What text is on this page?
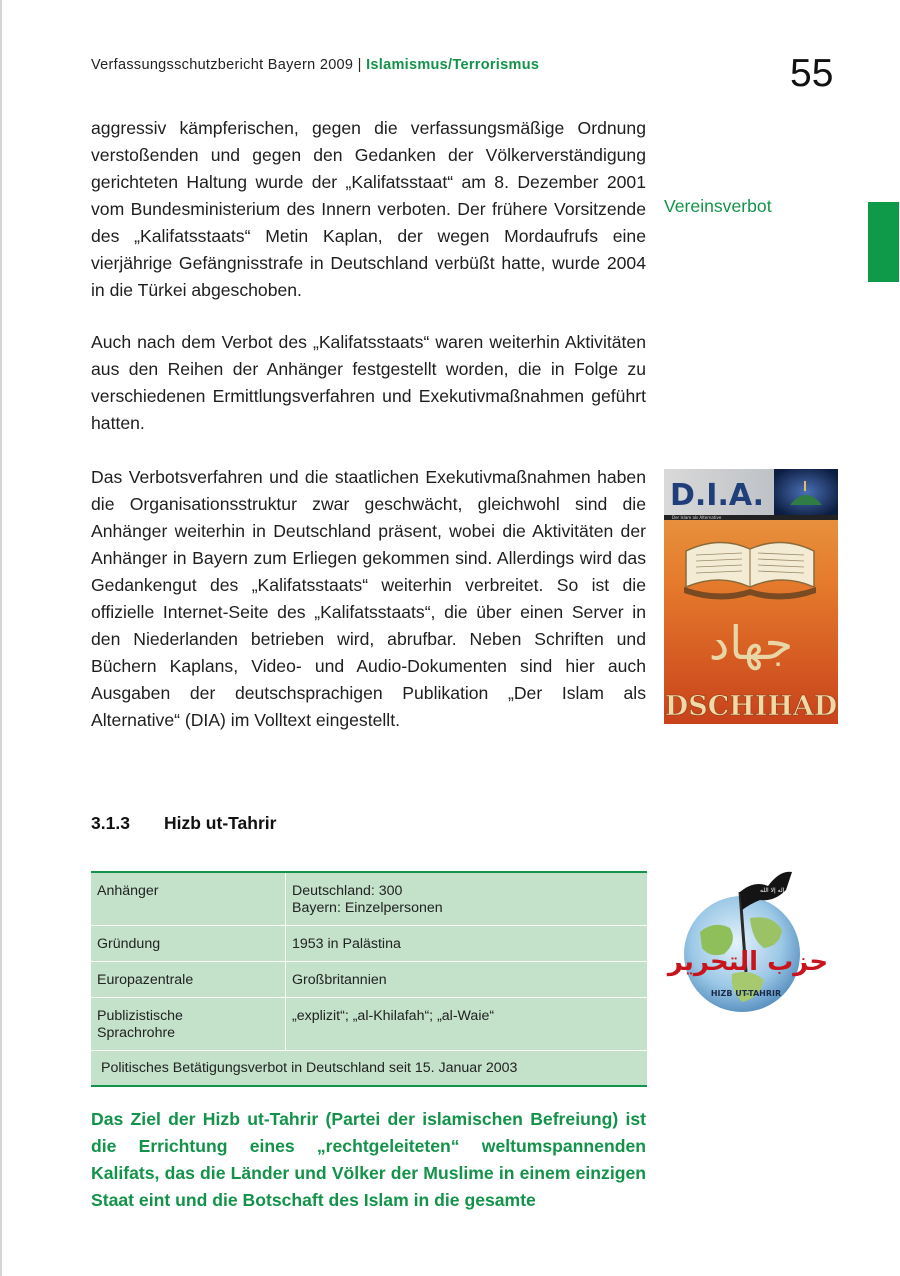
Verfassungsschutzbericht Bayern 2009 | Islamismus/Terrorismus	55

aggressiv kämpferischen, gegen die verfassungsmäßige Ordnung verstoßenden und gegen den Gedanken der Völkerverständigung gerichteten Haltung wurde der „Kalifatsstaat“ am 8. Dezember 2001 vom Bundesministerium des Innern verboten. Der frühere Vorsitzende des „Kalifatsstaats“ Metin Kaplan, der wegen Mordaufrufs eine vierjährige Gefängnisstrafe in Deutschland verbüßt hatte, wurde 2004 in die Türkei abgeschoben.

Vereinsverbot

Auch nach dem Verbot des „Kalifatsstaats“ waren weiterhin Aktivitäten aus den Reihen der Anhänger festgestellt worden, die in Folge zu verschiedenen Ermittlungsverfahren und Exekutivmaßnahmen geführt hatten.

Das Verbotsverfahren und die staatlichen Exekutivmaßnahmen haben die Organisationsstruktur zwar geschwächt, gleichwohl sind die Anhänger weiterhin in Deutschland präsent, wobei die Aktivitäten der Anhänger in Bayern zum Erliegen gekommen sind. Allerdings wird das Gedankengut des „Kalifatsstaats“ weiterhin verbreitet. So ist die offizielle Internet-Seite des „Kalifatsstaats“, die über einen Server in den Niederlanden betrieben wird, abrufbar. Neben Schriften und Büchern Kaplans, Video- und Audio-Dokumenten sind hier auch Ausgaben der deutschsprachigen Publikation „Der Islam als Alternative“ (DIA) im Volltext eingestellt.

D.I.A.
Der Islam als Alternative
جهاد
DSCHIHAD
3.1.3 Hizb ut-Tahrir
Anhänger	Deutschland: 300
Bayern: Einzelpersonen

Gründung	1953 in Palästina
Europazentrale	Großbritannien

Publizistische
Sprachrohre	„explizit“; „al-Khilafah“; „al-Waie“
Politisches Betätigungsverbot in Deutschland seit 15. Januar 2003	
لا إله إلا الله
حزب التحرير
HIZB UT-TAHRIR

Das Ziel der Hizb ut-Tahrir (Partei der islamischen Befreiung) ist die Errichtung eines „rechtgeleiteten“ weltumspannenden Kalifats, das die Länder und Völker der Muslime in einem einzigen Staat eint und die Botschaft des Islam in die gesamte
